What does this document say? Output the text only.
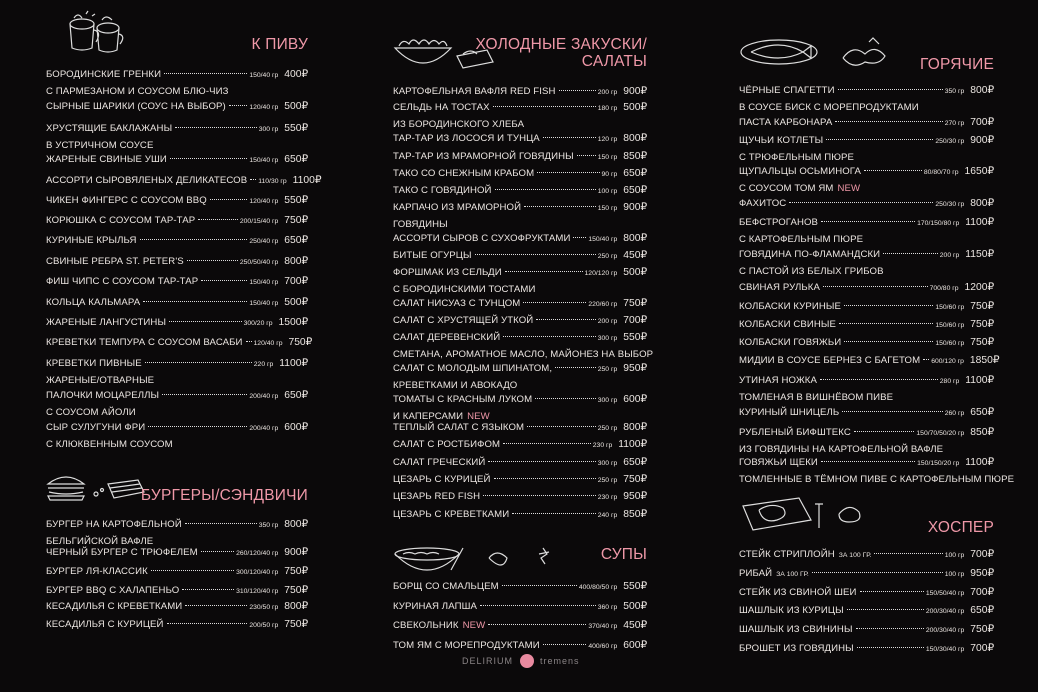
К ПИВУ
БОРОДИНСКИЕ ГРЕНКИ	150/40 гр 400₽
С ПАРМЕЗАНОМ И СОУСОМ БЛЮ-ЧИЗ
СЫРНЫЕ ШАРИКИ (СОУС НА ВЫБОР)	120/40 гр 500₽
ХРУСТЯЩИЕ БАКЛАЖАНЫ	300 гр 550₽
В УСТРИЧНОМ СОУСЕ
ЖАРЕНЫЕ СВИНЫЕ УШИ	150/40 гр 650₽
АССОРТИ СЫРОВЯЛЕНЫХ ДЕЛИКАТЕСОВ 110/30 гр 1100₽
ЧИКЕН ФИНГЕРС С СОУСОМ BBQ	120/40 гр 550₽
КОРЮШКА С СОУСОМ ТАР-ТАР	200/15/40 гр 750₽
КУРИНЫЕ КРЫЛЬЯ	250/40 гр 650₽
СВИНЫЕ РЕБРА ST. PETER'S	250/50/40 гр 800₽
ФИШ ЧИПС С СОУСОМ ТАР-ТАР	150/40 гр 700₽
КОЛЬЦА КАЛЬМАРА	150/40 гр 500₽
ЖАРЕНЫЕ ЛАНГУСТИНЫ	300/20 гр 1500₽
КРЕВЕТКИ ТЕМПУРА С СОУСОМ ВАСАБИ 120/40 гр 750₽
КРЕВЕТКИ ПИВНЫЕ	220 гр 1100₽
ЖАРЕНЫЕ/ОТВАРНЫЕ
ПАЛОЧКИ МОЦАРЕЛЛЫ	200/40 гр 650₽
С СОУСОМ АЙОЛИ
СЫР СУЛУГУНИ ФРИ	200/40 гр 600₽
С КЛЮКВЕННЫМ СОУСОМ
БУРГЕРЫ/СЭНДВИЧИ
БУРГЕР НА КАРТОФЕЛЬНОЙ	350 гр 800₽
БЕЛЬГИЙСКОЙ ВАФЛЕ
ЧЕРНЫЙ БУРГЕР С ТРЮФЕЛЕМ	260/120/40 гр 900₽
БУРГЕР ЛЯ-КЛАССИК	300/120/40 гр 750₽
БУРГЕР BBQ С ХАЛАПЕНЬО	310/120/40 гр 750₽
КЕСАДИЛЬЯ С КРЕВЕТКАМИ	230/50 гр 800₽
КЕСАДИЛЬЯ С КУРИЦЕЙ	200/50 гр 750₽
ХОЛОДНЫЕ ЗАКУСКИ/
САЛАТЫ
КАРТОФЕЛЬНАЯ ВАФЛЯ RED FISH	200 гр 900₽
СЕЛЬДЬ НА ТОСТАХ	180 гр 500₽
ИЗ БОРОДИНСКОГО ХЛЕБА
ТАР-ТАР ИЗ ЛОСОСЯ И ТУНЦА	120 гр 800₽
ТАР-ТАР ИЗ МРАМОРНОЙ ГОВЯДИНЫ	150 гр 850₽
ТАКО СО СНЕЖНЫМ КРАБОМ	90 гр 650₽
ТАКО С ГОВЯДИНОЙ	100 гр 650₽
КАРПАЧО ИЗ МРАМОРНОЙ	150 гр 900₽
ГОВЯДИНЫ
АССОРТИ СЫРОВ С СУХОФРУКТАМИ	150/40 гр 800₽
БИТЫЕ ОГУРЦЫ	250 гр 450₽
ФОРШМАК ИЗ СЕЛЬДИ	120/120 гр 500₽
С БОРОДИНСКИМИ ТОСТАМИ
САЛАТ НИСУАЗ С ТУНЦОМ	220/60 гр 750₽
САЛАТ С ХРУСТЯЩЕЙ УТКОЙ	200 гр 700₽
САЛАТ ДЕРЕВЕНСКИЙ	300 гр 550₽
СМЕТАНА, АРОМАТНОЕ МАСЛО, МАЙОНЕЗ НА ВЫБОР
САЛАТ С МОЛОДЫМ ШПИНАТОМ,	250 гр 950₽
КРЕВЕТКАМИ И АВОКАДО
ТОМАТЫ С КРАСНЫМ ЛУКОМ	300 гр 600₽
И КАПЕРСАМИ NEW
ТЕПЛЫЙ САЛАТ С ЯЗЫКОМ	250 гр 800₽
САЛАТ С РОСТБИФОМ	230 гр 1100₽
САЛАТ ГРЕЧЕСКИЙ	300 гр 650₽
ЦЕЗАРЬ С КУРИЦЕЙ	250 гр 750₽
ЦЕЗАРЬ RED FISH	230 гр 950₽
ЦЕЗАРЬ С КРЕВЕТКАМИ	240 гр 850₽
СУПЫ
БОРЩ СО СМАЛЬЦЕМ	400/80/50 гр 550₽
КУРИНАЯ ЛАПША	360 гр 500₽
СВЕКОЛЬНИК NEW	370/40 гр 450₽
ТОМ ЯМ С МОРЕПРОДУКТАМИ	400/60 гр 600₽
ГОРЯЧИЕ
ЧЁРНЫЕ СПАГЕТТИ	350 гр 800₽
В СОУСЕ БИСК С МОРЕПРОДУКТАМИ
ПАСТА КАРБОНАРА	270 гр 700₽
ЩУЧЬИ КОТЛЕТЫ	250/30 гр 900₽
С ТРЮФЕЛЬНЫМ ПЮРЕ
ЩУПАЛЬЦЫ ОСЬМИНОГА	80/80/70 гр 1650₽
С СОУСОМ ТОМ ЯМ NEW
ФАХИТОС	250/30 гр 800₽
БЕФСТРОГАНОВ	170/150/80 гр 1100₽
С КАРТОФЕЛЬНЫМ ПЮРЕ
ГОВЯДИНА ПО-ФЛАМАНДСКИ	200 гр 1150₽
С ПАСТОЙ ИЗ БЕЛЫХ ГРИБОВ
СВИНАЯ РУЛЬКА	700/80 гр 1200₽
КОЛБАСКИ КУРИНЫЕ	150/60 гр 750₽
КОЛБАСКИ СВИНЫЕ	150/60 гр 750₽
КОЛБАСКИ ГОВЯЖЬИ	150/60 гр 750₽
МИДИИ В СОУСЕ БЕРНЕЗ С БАГЕТОМ 600/120 гр 1850₽
УТИНАЯ НОЖКА	280 гр 1100₽
ТОМЛЕНАЯ В ВИШНЁВОМ ПИВЕ
КУРИНЫЙ ШНИЦЕЛЬ	260 гр 650₽
РУБЛЕНЫЙ БИФШТЕКС	150/70/50/20 гр 850₽
ИЗ ГОВЯДИНЫ НА КАРТОФЕЛЬНОЙ ВАФЛЕ
ГОВЯЖЬИ ЩЕКИ	150/150/20 гр 1100₽
ТОМЛЕННЫЕ В ТЁМНОМ ПИВЕ С КАРТОФЕЛЬНЫМ ПЮРЕ
ХОСПЕР
СТЕЙК СТРИПЛОЙН ЗА 100 ГР.	100 гр 700₽
РИБАЙ ЗА 100 ГР.	100 гр 950₽
СТЕЙК ИЗ СВИНОЙ ШЕИ	150/50/40 гр 700₽
ШАШЛЫК ИЗ КУРИЦЫ	200/30/40 гр 650₽
ШАШЛЫК ИЗ СВИНИНЫ	200/30/40 гр 750₽
БРОШЕТ ИЗ ГОВЯДИНЫ	150/30/40 гр 700₽
DELIRIUM	tremens
